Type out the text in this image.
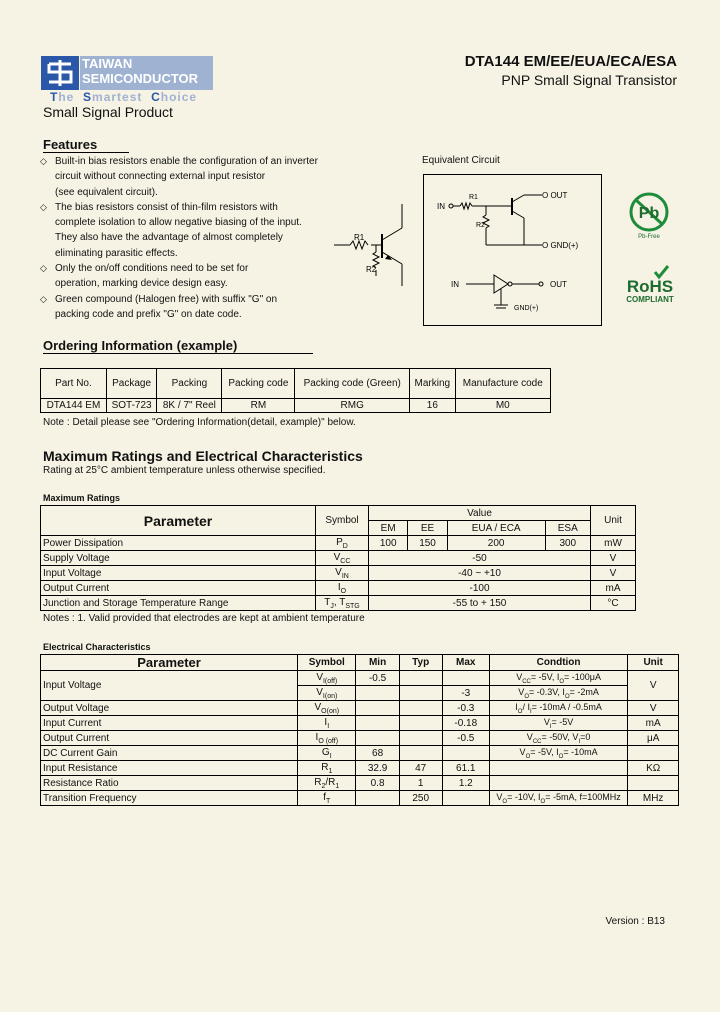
TAIWAN
SEMICONDUCTOR
The Smartest Choice
Small Signal Product
DTA144 EM/EE/EUA/ECA/ESA
PNP Small Signal Transistor
Features
◇ Built-in bias resistors enable the configuration of an inverter
circuit without connecting external input resistor
(see equivalent circuit).
◇ The bias resistors consist of thin-film resistors with
complete isolation to allow negative biasing of the input.
They also have the advantage of almost completely
eliminating parasitic effects.
◇ Only the on/off conditions need to be set for
operation, marking device design easy.
◇ Green compound (Halogen free) with suffix "G" on
packing code and prefix "G" on date code.
R1
R2
Equivalent Circuit
IN
R1
R2
O OUT
O GND(+)
IN	OUT
GND(+)
Pb
Pb-Free
RoHS
COMPLIANT
Ordering Information (example)
Part No.	Package	Packing	Packing code	Packing code (Green)	Marking	Manufacture code
DTA144 EM	SOT-723	8K / 7" Reel	RM	RMG	16	M0
Note : Detail please see "Ordering Information(detail, example)" below.
Maximum Ratings and Electrical Characteristics
Rating at 25°C ambient temperature unless otherwise specified.
Maximum Ratings
Parameter	Symbol	Value				Unit
		EM	EE	EUA / ECA	ESA	
Power Dissipation	$P_D$	100	150	200	300	mW
Supply Voltage	$V_{CC}$	-50				V
Input Voltage	$V_{IN}$	-40 ~ +10				V
Output Current	$I_O$	-100				mA
Junction and Storage Temperature Range	$T_J$, $T_{STG}$	-55 to + 150				°C
Notes : 1. Valid provided that electrodes are kept at ambient temperature
Electrical Characteristics
Parameter	Symbol	Min	Typ	Max	Condtion	Unit
Input Voltage	$V_{I(off)}$	-0.5			$V_{CC}= -5V$, $I_O= -100\mu A$	V
	$V_{I(on)}$			-3	$V_O= -0.3V$, $I_O= -2mA$	
Output Voltage	$V_{O(on)}$			-0.3	$I_O/$ $I_I= -10mA / -0.5mA$	V
Input Current	$I_I$			-0.18	$V_I= -5V$	mA
Output Current	$I_{O (off)}$			-0.5	$V_{CC}= -50V$, $V_I=0$	μA
DC Current Gain	$G_I$	68			$V_O= -5V$, $I_O= -10mA$	
Input Resistance	$R_1$	32.9	47	61.1		KΩ
Resistance Ratio	$R_2/R_1$	0.8	1	1.2		
Transition Frequency	$f_T$		250		$V_O= -10V$, $I_O= -5mA$, f=100MHz	MHz
Version : B13
